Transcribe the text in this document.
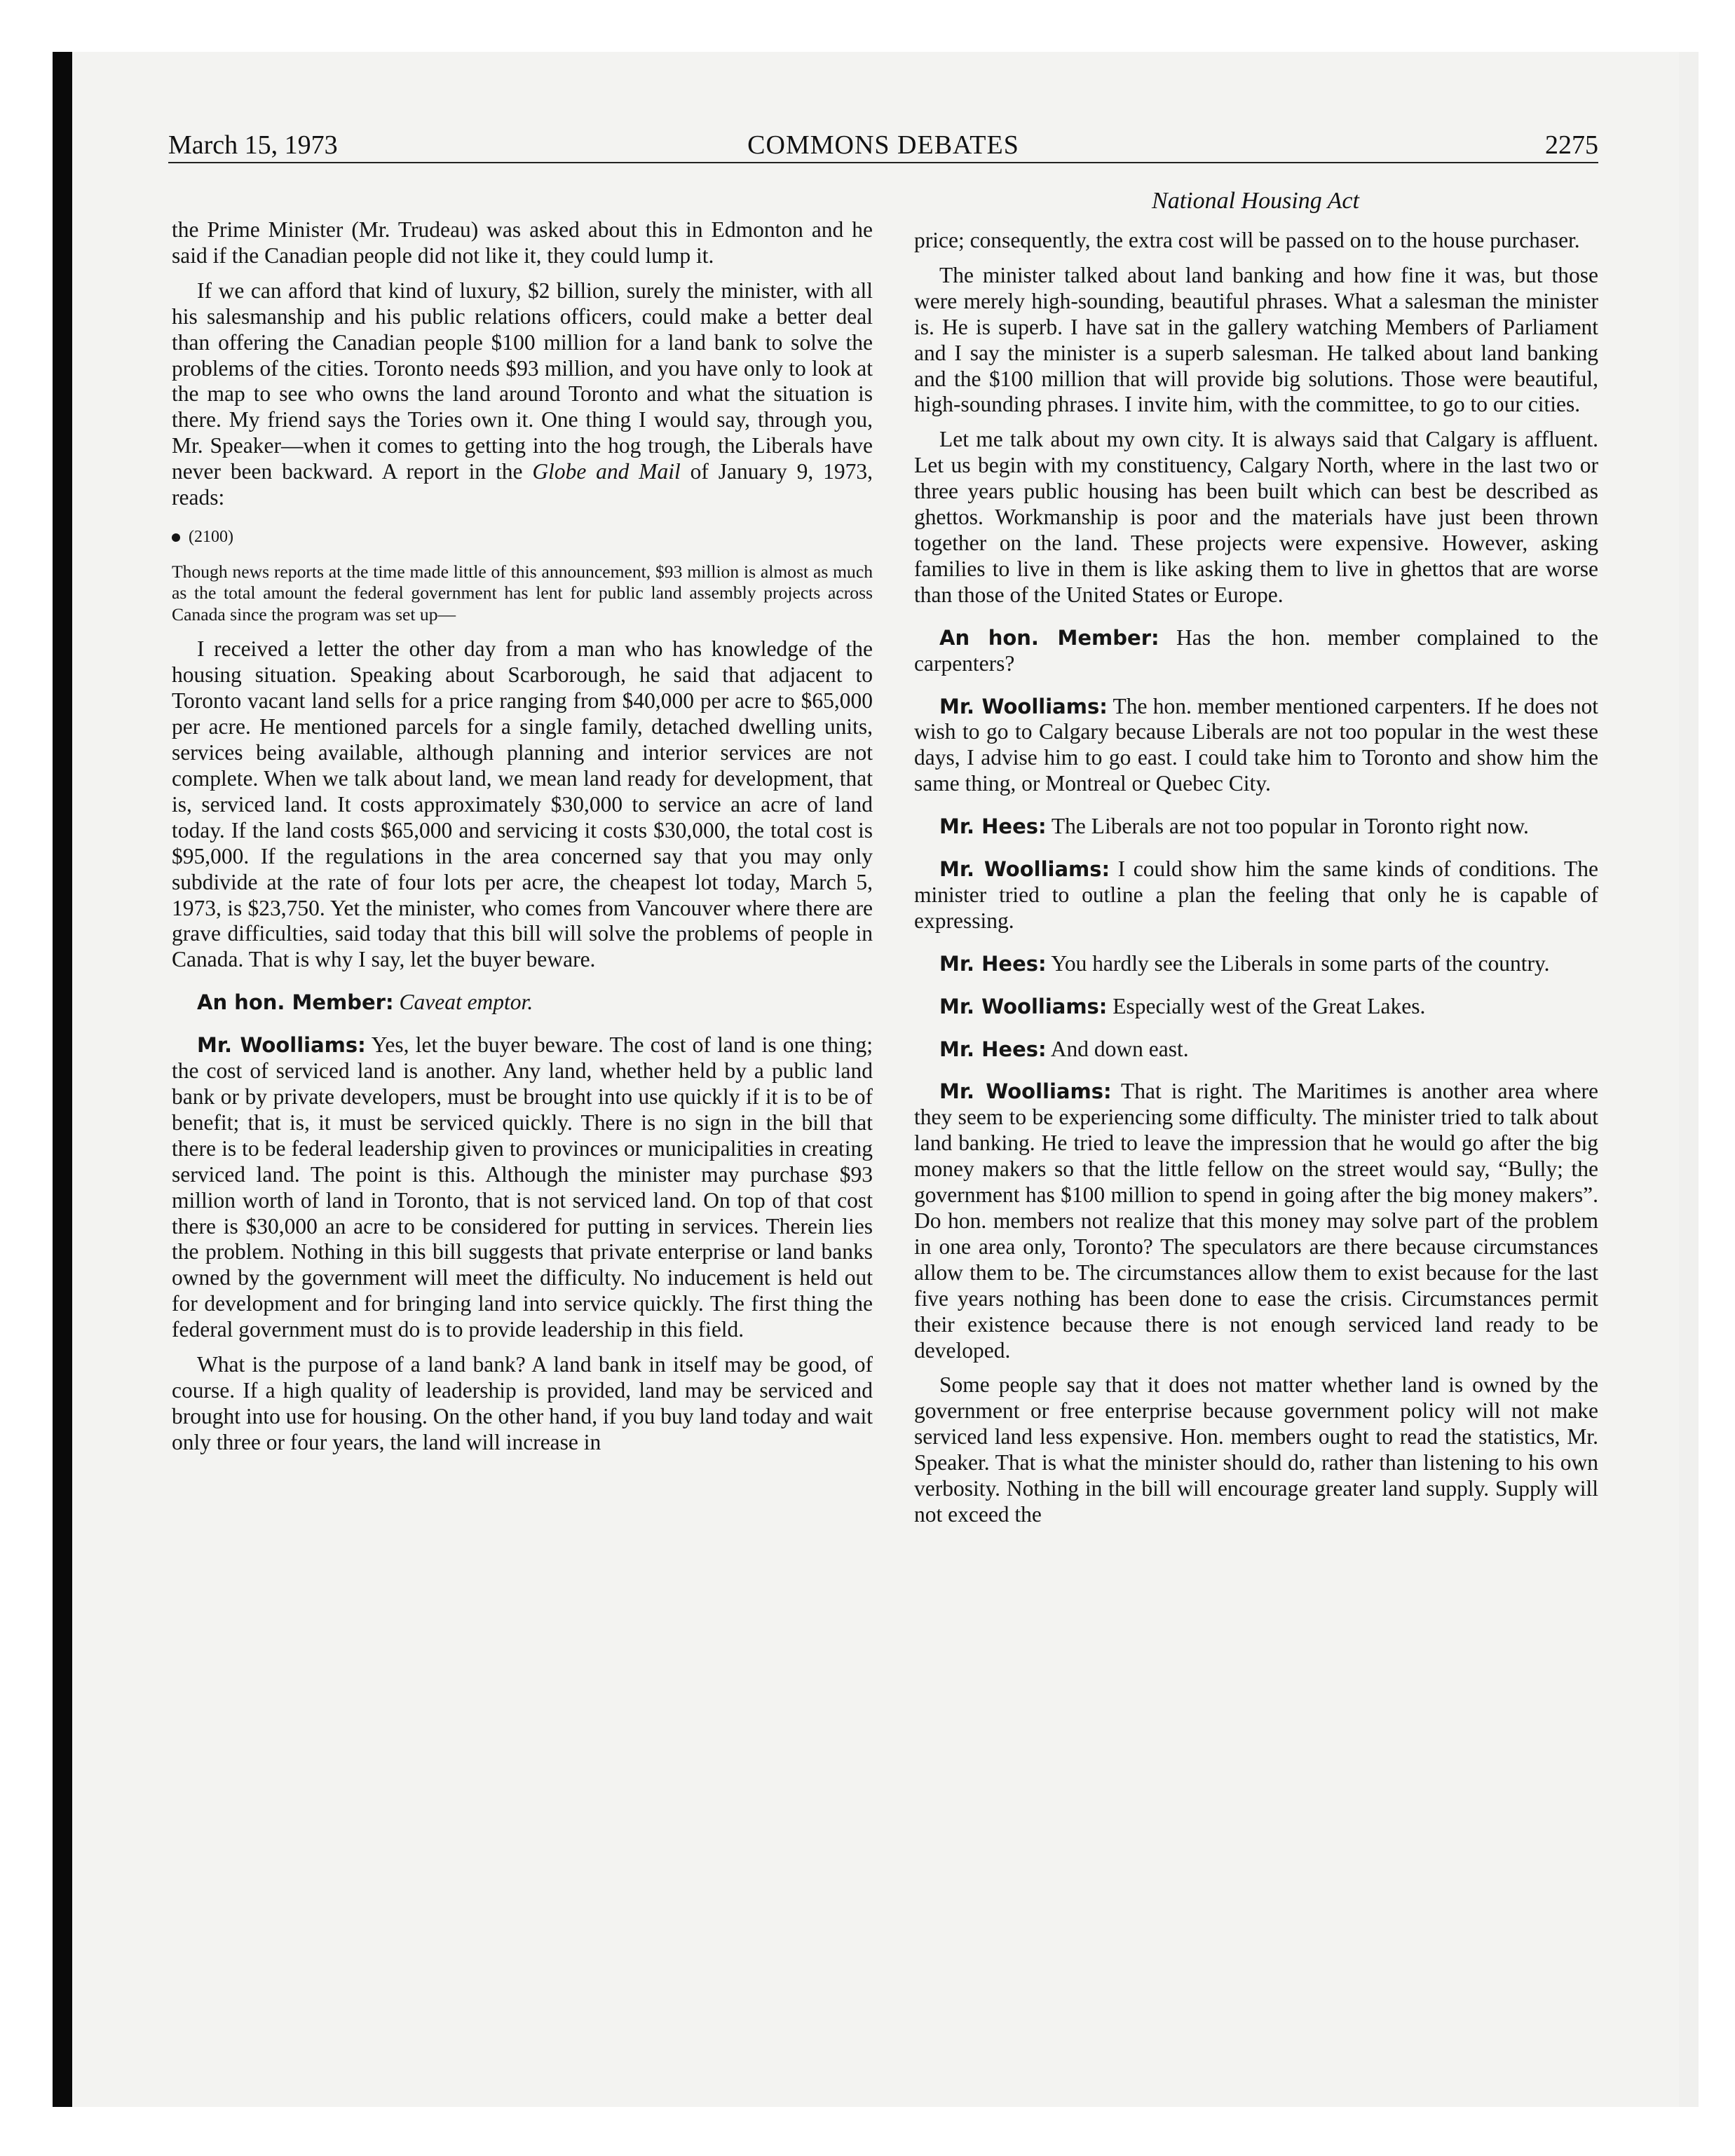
March 15, 1973	COMMONS DEBATES	2275
National Housing Act

the Prime Minister (Mr. Trudeau) was asked about this in Edmonton and he said if the Canadian people did not like it, they could lump it.

If we can afford that kind of luxury, $2 billion, surely the minister, with all his salesmanship and his public relations officers, could make a better deal than offering the Canadian people $100 million for a land bank to solve the problems of the cities. Toronto needs $93 million, and you have only to look at the map to see who owns the land around Toronto and what the situation is there. My friend says the Tories own it. One thing I would say, through you, Mr. Speaker—when it comes to getting into the hog trough, the Liberals have never been backward. A report in the Globe and Mail of January 9, 1973, reads:

(2100)
Though news reports at the time made little of this announcement, $93 million is almost as much as the total amount the federal government has lent for public land assembly projects across Canada since the program was set up—

I received a letter the other day from a man who has knowledge of the housing situation. Speaking about Scarborough, he said that adjacent to Toronto vacant land sells for a price ranging from $40,000 per acre to $65,000 per acre. He mentioned parcels for a single family, detached dwelling units, services being available, although planning and interior services are not complete. When we talk about land, we mean land ready for development, that is, serviced land. It costs approximately $30,000 to service an acre of land today. If the land costs $65,000 and servicing it costs $30,000, the total cost is $95,000. If the regulations in the area concerned say that you may only subdivide at the rate of four lots per acre, the cheapest lot today, March 5, 1973, is $23,750. Yet the minister, who comes from Vancouver where there are grave difficulties, said today that this bill will solve the problems of people in Canada. That is why I say, let the buyer beware.

An hon. Member: Caveat emptor.

Mr. Woolliams: Yes, let the buyer beware. The cost of land is one thing; the cost of serviced land is another. Any land, whether held by a public land bank or by private developers, must be brought into use quickly if it is to be of benefit; that is, it must be serviced quickly. There is no sign in the bill that there is to be federal leadership given to provinces or municipalities in creating serviced land. The point is this. Although the minister may purchase $93 million worth of land in Toronto, that is not serviced land. On top of that cost there is $30,000 an acre to be considered for putting in services. Therein lies the problem. Nothing in this bill suggests that private enterprise or land banks owned by the government will meet the difficulty. No inducement is held out for development and for bringing land into service quickly. The first thing the federal government must do is to provide leadership in this field.

What is the purpose of a land bank? A land bank in itself may be good, of course. If a high quality of leadership is provided, land may be serviced and brought into use for housing. On the other hand, if you buy land today and wait only three or four years, the land will increase in

price; consequently, the extra cost will be passed on to the house purchaser.

The minister talked about land banking and how fine it was, but those were merely high-sounding, beautiful phrases. What a salesman the minister is. He is superb. I have sat in the gallery watching Members of Parliament and I say the minister is a superb salesman. He talked about land banking and the $100 million that will provide big solutions. Those were beautiful, high-sounding phrases. I invite him, with the committee, to go to our cities.

Let me talk about my own city. It is always said that Calgary is affluent. Let us begin with my constituency, Calgary North, where in the last two or three years public housing has been built which can best be described as ghettos. Workmanship is poor and the materials have just been thrown together on the land. These projects were expensive. However, asking families to live in them is like asking them to live in ghettos that are worse than those of the United States or Europe.

An hon. Member: Has the hon. member complained to the carpenters?

Mr. Woolliams: The hon. member mentioned carpenters. If he does not wish to go to Calgary because Liberals are not too popular in the west these days, I advise him to go east. I could take him to Toronto and show him the same thing, or Montreal or Quebec City.

Mr. Hees: The Liberals are not too popular in Toronto right now.

Mr. Woolliams: I could show him the same kinds of conditions. The minister tried to outline a plan the feeling that only he is capable of expressing.

Mr. Hees: You hardly see the Liberals in some parts of the country.

Mr. Woolliams: Especially west of the Great Lakes.

Mr. Hees: And down east.

Mr. Woolliams: That is right. The Maritimes is another area where they seem to be experiencing some difficulty. The minister tried to talk about land banking. He tried to leave the impression that he would go after the big money makers so that the little fellow on the street would say, “Bully; the government has $100 million to spend in going after the big money makers”. Do hon. members not realize that this money may solve part of the problem in one area only, Toronto? The speculators are there because circumstances allow them to be. The circumstances allow them to exist because for the last five years nothing has been done to ease the crisis. Circumstances permit their existence because there is not enough serviced land ready to be developed.

Some people say that it does not matter whether land is owned by the government or free enterprise because government policy will not make serviced land less expensive. Hon. members ought to read the statistics, Mr. Speaker. That is what the minister should do, rather than listening to his own verbosity. Nothing in the bill will encourage greater land supply. Supply will not exceed the
